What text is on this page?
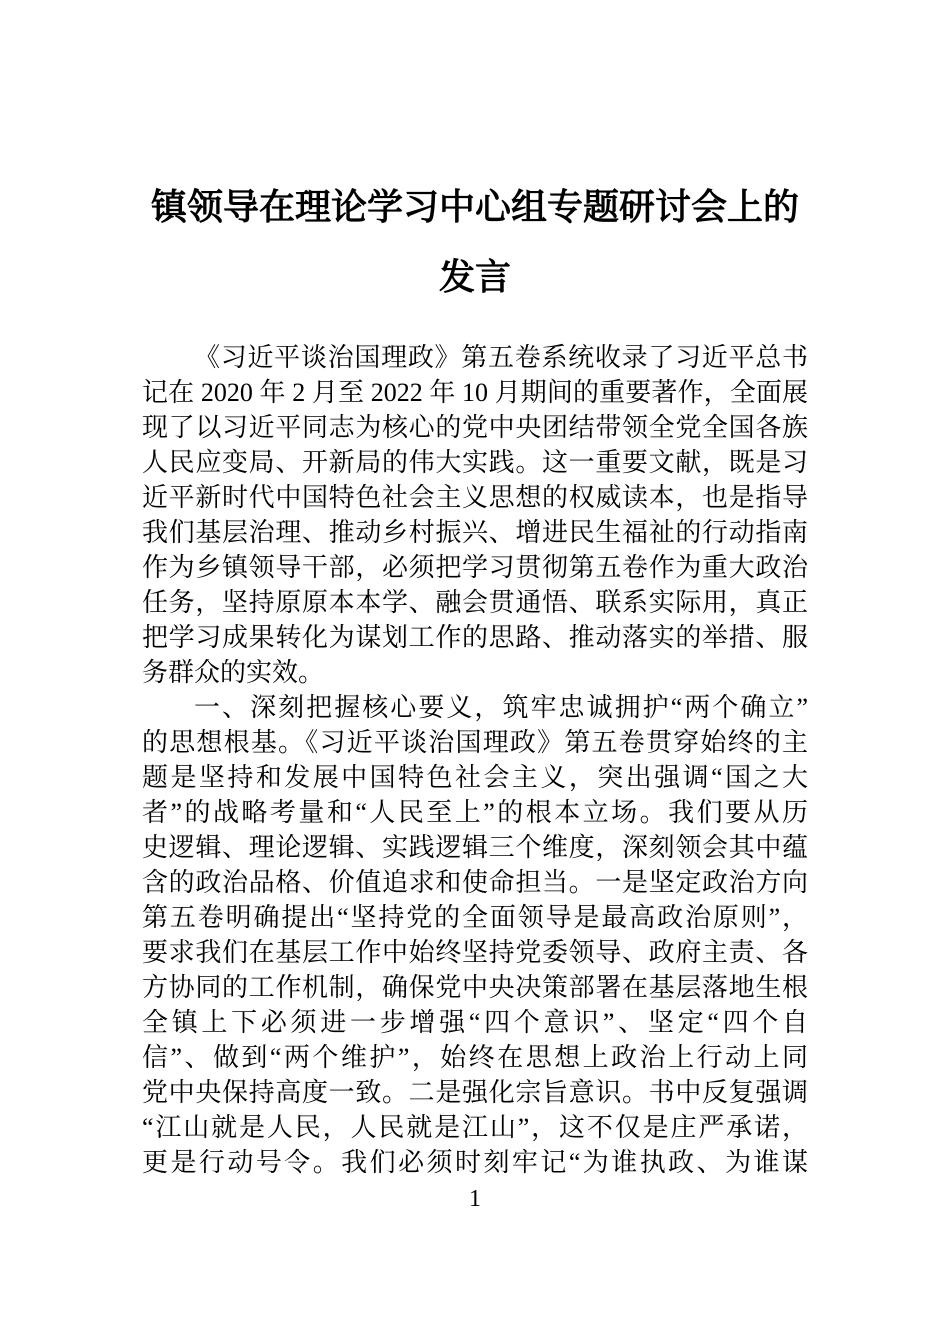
镇领导在理论学习中心组专题研讨会上的
发言
《习近平谈治国理政》第五卷系统收录了习近平总书
记在 2020 年 2 月至 2022 年 10 月期间的重要著作，全面展
现了以习近平同志为核心的党中央团结带领全党全国各族
人民应变局、开新局的伟大实践。这一重要文献，既是习
近平新时代中国特色社会主义思想的权威读本，也是指导
我们基层治理、推动乡村振兴、增进民生福祉的行动指南
作为乡镇领导干部，必须把学习贯彻第五卷作为重大政治
任务，坚持原原本本学、融会贯通悟、联系实际用，真正
把学习成果转化为谋划工作的思路、推动落实的举措、服
务群众的实效。
一、深刻把握核心要义，筑牢忠诚拥护“两个确立”
的思想根基。《习近平谈治国理政》第五卷贯穿始终的主
题是坚持和发展中国特色社会主义，突出强调“国之大
者”的战略考量和“人民至上”的根本立场。我们要从历
史逻辑、理论逻辑、实践逻辑三个维度，深刻领会其中蕴
含的政治品格、价值追求和使命担当。一是坚定政治方向
第五卷明确提出“坚持党的全面领导是最高政治原则”，
要求我们在基层工作中始终坚持党委领导、政府主责、各
方协同的工作机制，确保党中央决策部署在基层落地生根
全镇上下必须进一步增强“四个意识”、坚定“四个自
信”、做到“两个维护”，始终在思想上政治上行动上同
党中央保持高度一致。二是强化宗旨意识。书中反复强调
“江山就是人民，人民就是江山”，这不仅是庄严承诺，
更是行动号令。我们必须时刻牢记“为谁执政、为谁谋
1
